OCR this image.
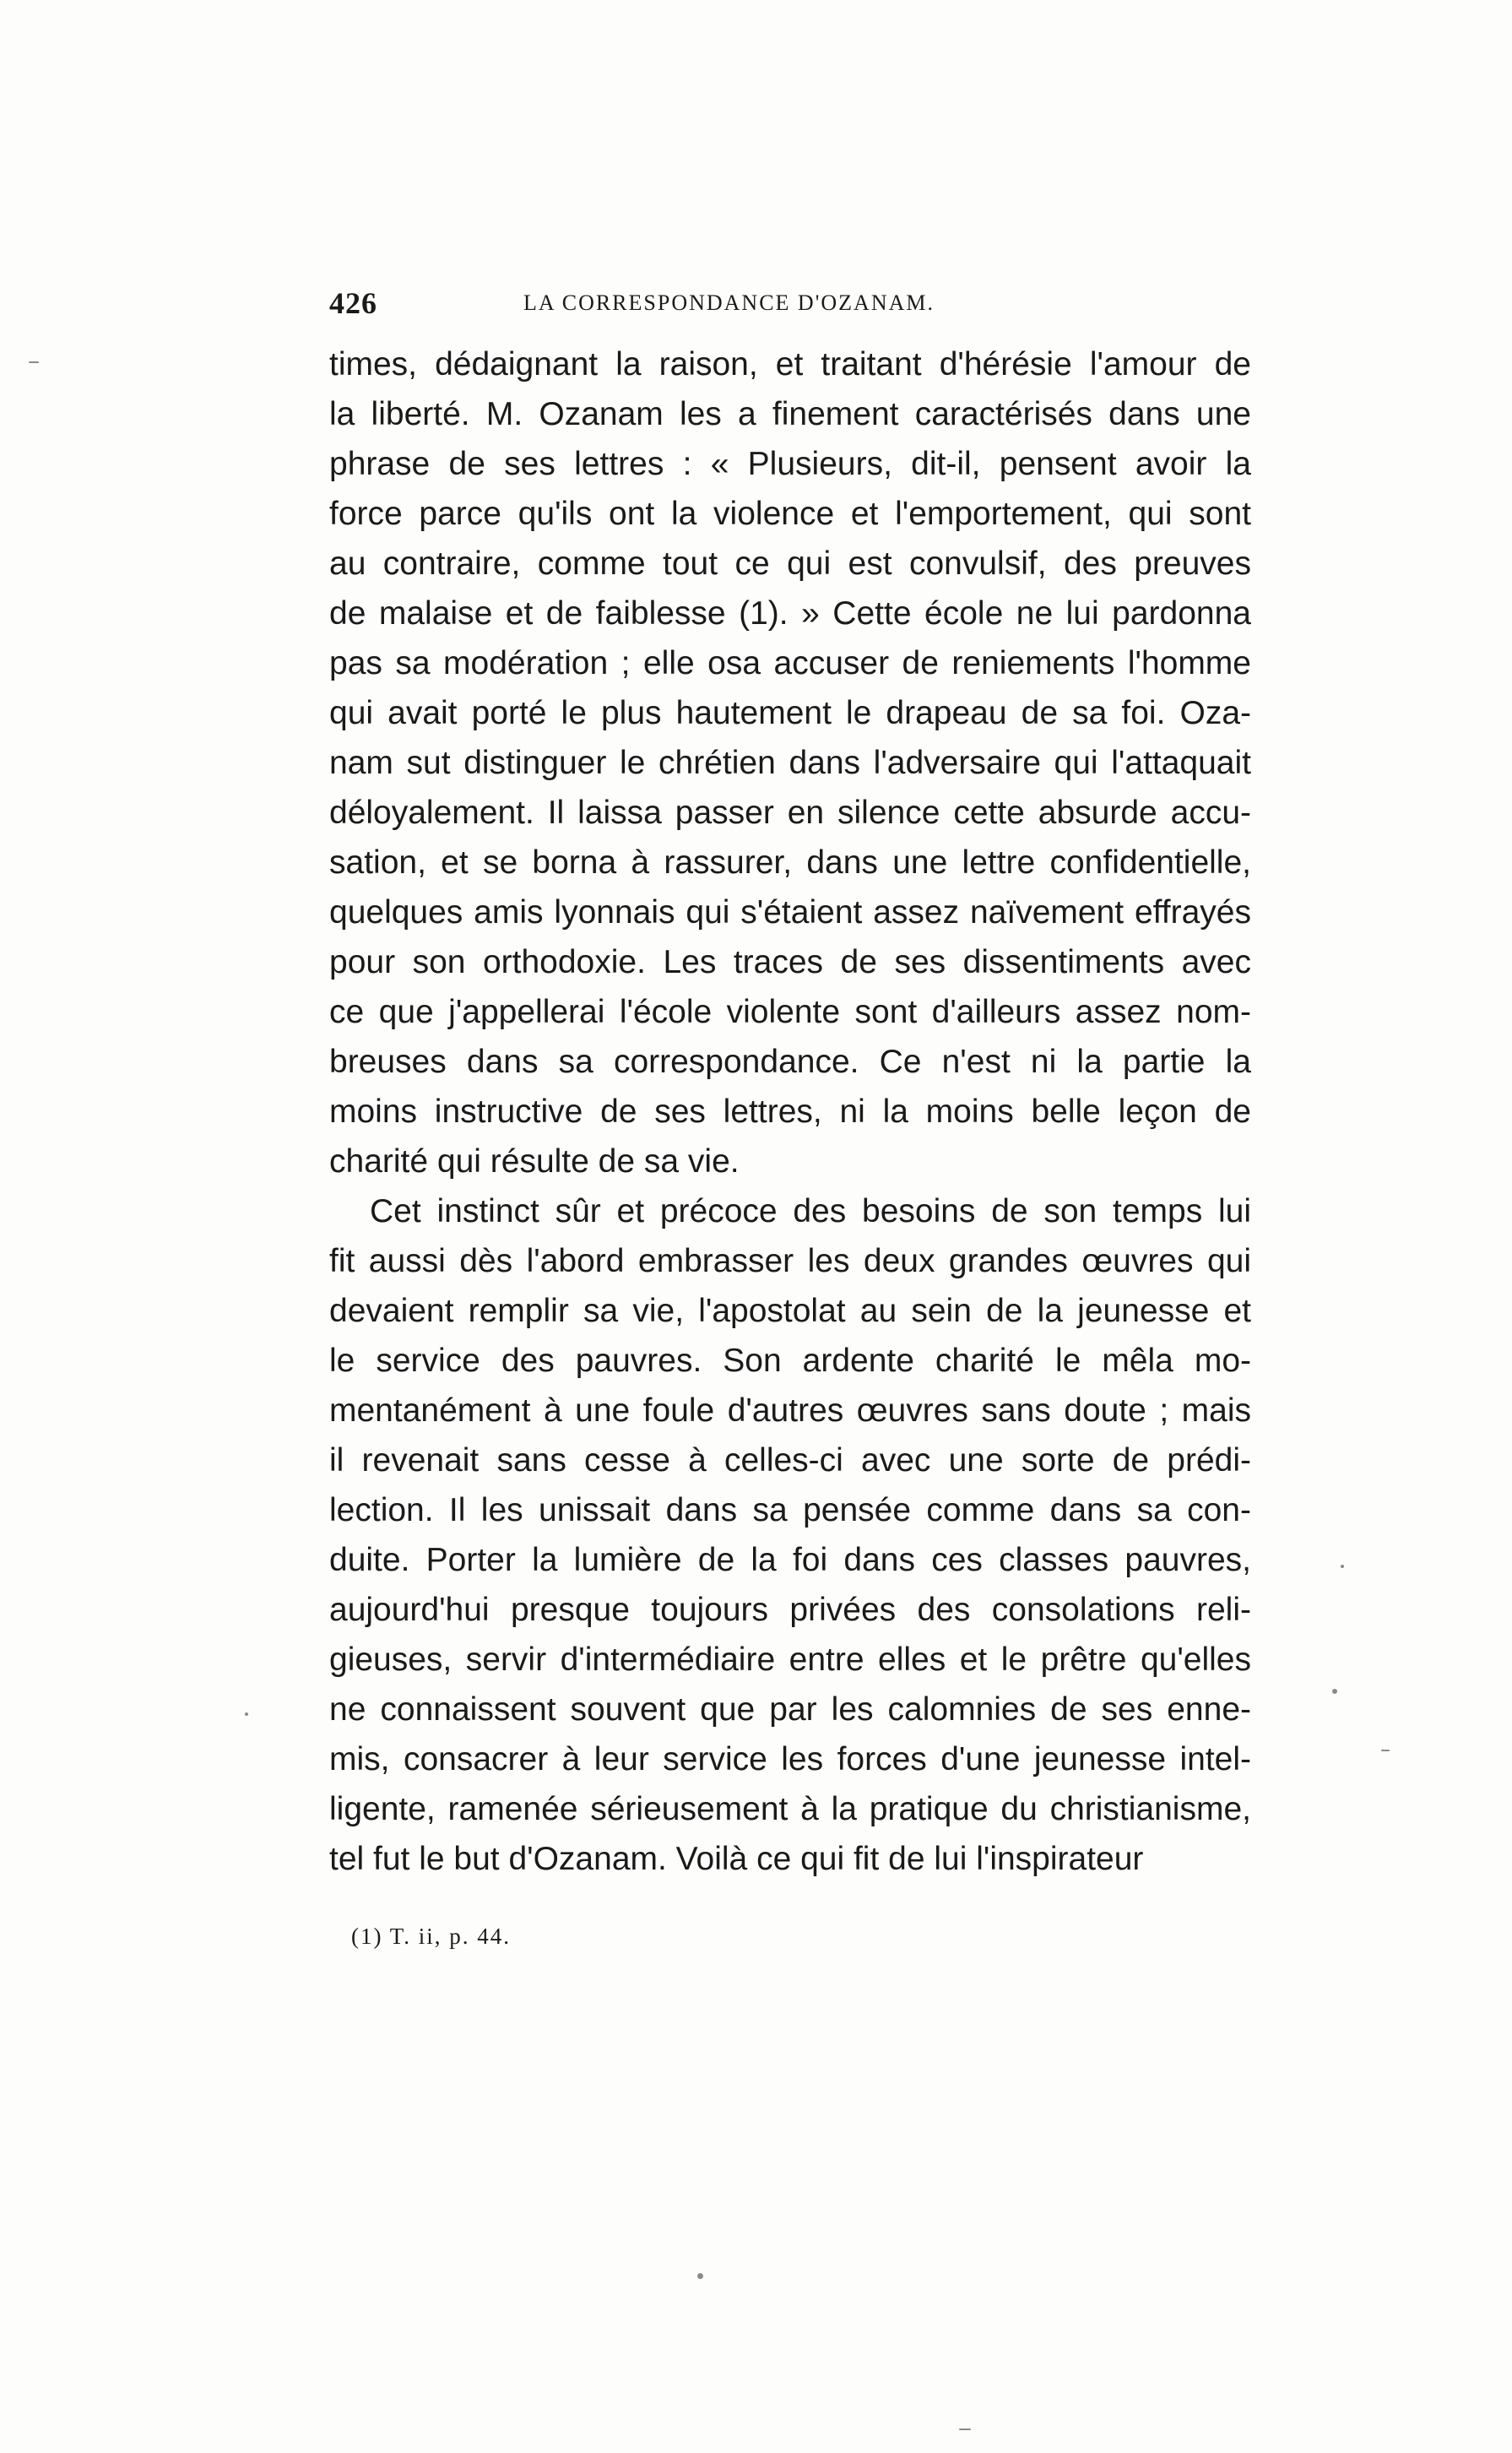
426	LA CORRESPONDANCE D'OZANAM.
times, dédaignant la raison, et traitant d'hérésie l'amour de
la liberté. M. Ozanam les a finement caractérisés dans une
phrase de ses lettres : « Plusieurs, dit-il, pensent avoir la
force parce qu'ils ont la violence et l'emportement, qui sont
au contraire, comme tout ce qui est convulsif, des preuves
de malaise et de faiblesse (1). » Cette école ne lui pardonna
pas sa modération ; elle osa accuser de reniements l'homme
qui avait porté le plus hautement le drapeau de sa foi. Oza-
nam sut distinguer le chrétien dans l'adversaire qui l'attaquait
déloyalement. Il laissa passer en silence cette absurde accu-
sation, et se borna à rassurer, dans une lettre confidentielle,
quelques amis lyonnais qui s'étaient assez naïvement effrayés
pour son orthodoxie. Les traces de ses dissentiments avec
ce que j'appellerai l'école violente sont d'ailleurs assez nom-
breuses dans sa correspondance. Ce n'est ni la partie la
moins instructive de ses lettres, ni la moins belle leçon de
charité qui résulte de sa vie.
Cet instinct sûr et précoce des besoins de son temps lui
fit aussi dès l'abord embrasser les deux grandes œuvres qui
devaient remplir sa vie, l'apostolat au sein de la jeunesse et
le service des pauvres. Son ardente charité le mêla mo-
mentanément à une foule d'autres œuvres sans doute ; mais
il revenait sans cesse à celles-ci avec une sorte de prédi-
lection. Il les unissait dans sa pensée comme dans sa con-
duite. Porter la lumière de la foi dans ces classes pauvres,
aujourd'hui presque toujours privées des consolations reli-
gieuses, servir d'intermédiaire entre elles et le prêtre qu'elles
ne connaissent souvent que par les calomnies de ses enne-
mis, consacrer à leur service les forces d'une jeunesse intel-
ligente, ramenée sérieusement à la pratique du christianisme,
tel fut le but d'Ozanam. Voilà ce qui fit de lui l'inspirateur
(1) T. ii, p. 44.
